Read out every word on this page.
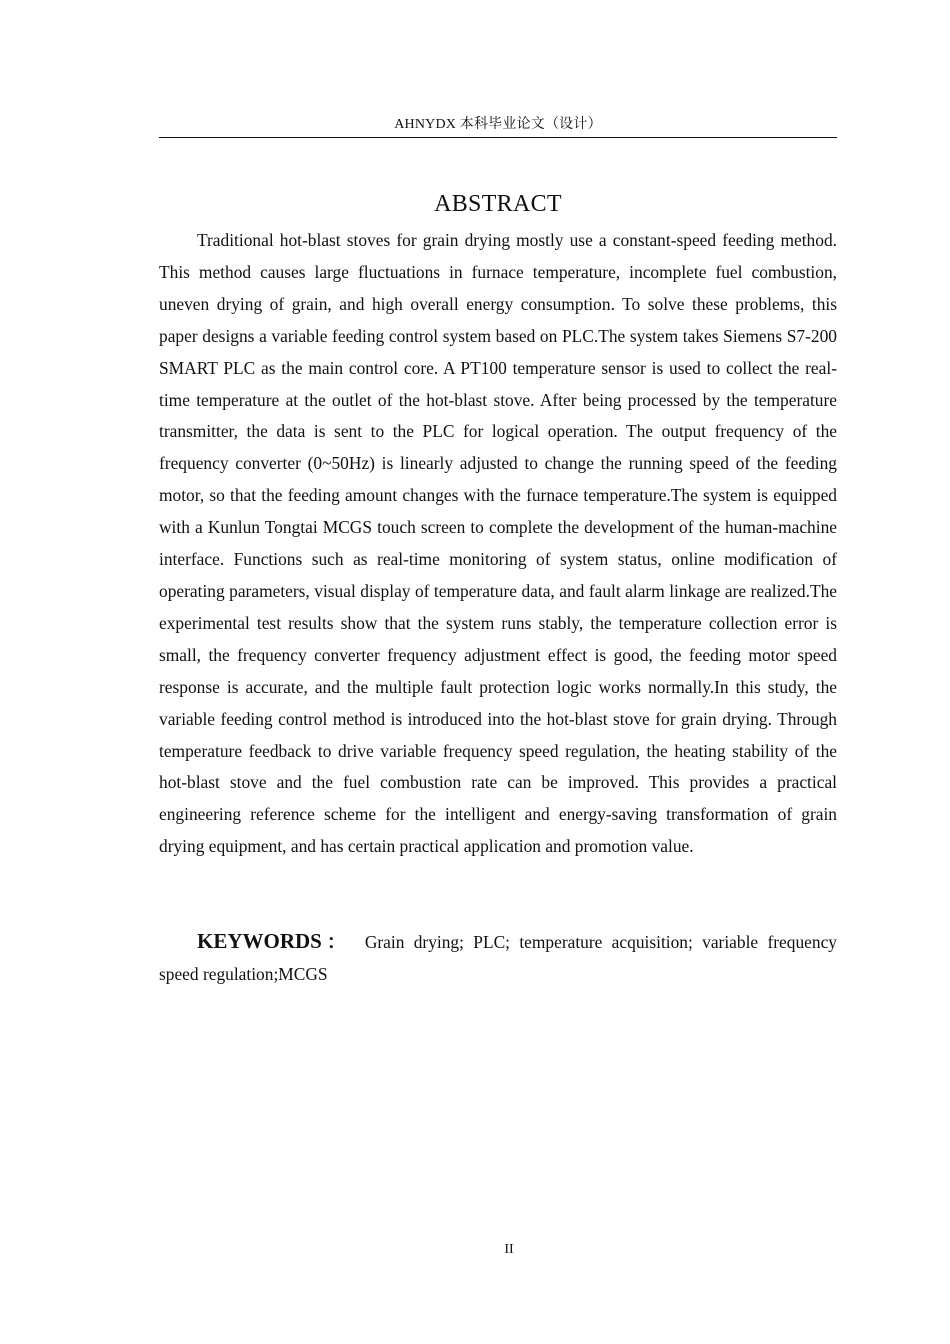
AHNYDX 本科毕业论文（设计）
ABSTRACT

Traditional hot-blast stoves for grain drying mostly use a constant-speed feeding method. This method causes large fluctuations in furnace temperature, incomplete fuel combustion, uneven drying of grain, and high overall energy consumption. To solve these problems, this paper designs a variable feeding control system based on PLC.The system takes Siemens S7-200 SMART PLC as the main control core. A PT100 temperature sensor is used to collect the real-time temperature at the outlet of the hot-blast stove. After being processed by the temperature transmitter, the data is sent to the PLC for logical operation. The output frequency of the frequency converter (0~50Hz) is linearly adjusted to change the running speed of the feeding motor, so that the feeding amount changes with the furnace temperature.The system is equipped with a Kunlun Tongtai MCGS touch screen to complete the development of the human-machine interface. Functions such as real-time monitoring of system status, online modification of operating parameters, visual display of temperature data, and fault alarm linkage are realized.The experimental test results show that the system runs stably, the temperature collection error is small, the frequency converter frequency adjustment effect is good, the feeding motor speed response is accurate, and the multiple fault protection logic works normally.In this study, the variable feeding control method is introduced into the hot-blast stove for grain drying. Through temperature feedback to drive variable frequency speed regulation, the heating stability of the hot-blast stove and the fuel combustion rate can be improved. This provides a practical engineering reference scheme for the intelligent and energy-saving transformation of grain drying equipment, and has certain practical application and promotion value.

KEYWORDS： Grain drying; PLC; temperature acquisition; variable frequency speed regulation;MCGS

II
